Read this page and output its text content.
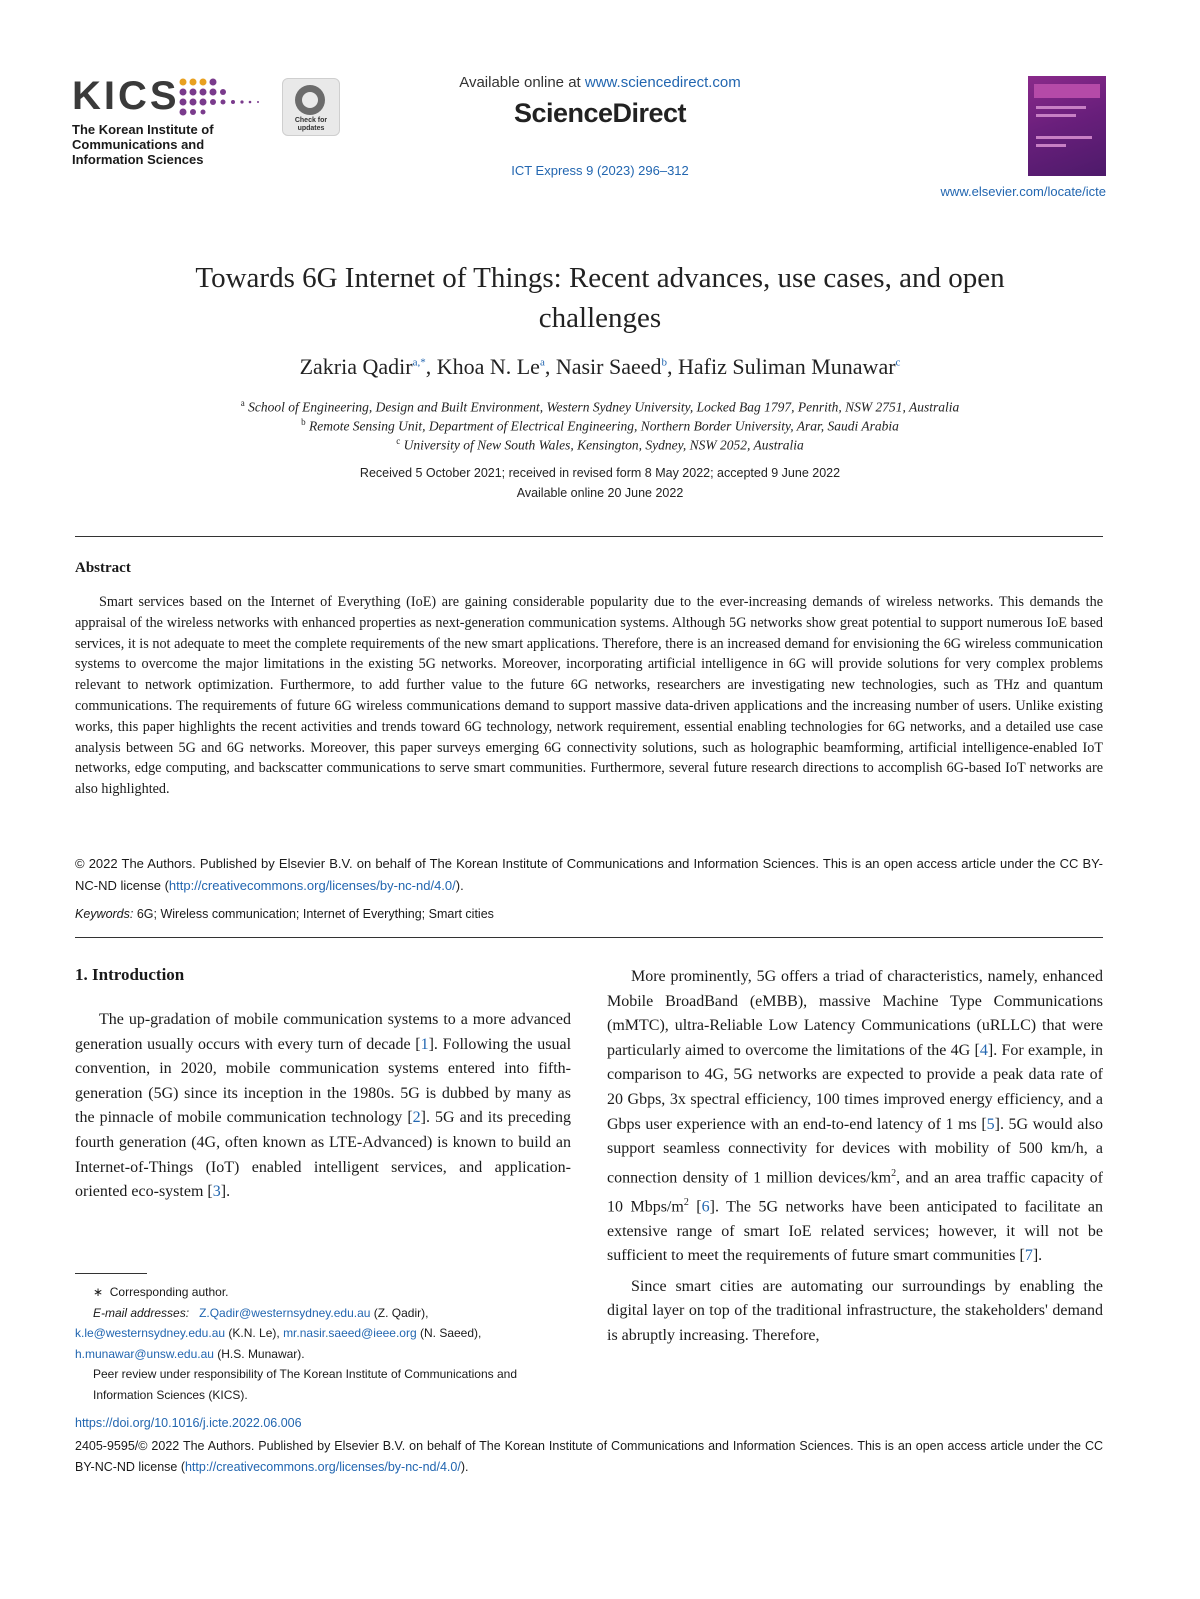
KICS
The Korean Institute of
Communications and
Information Sciences
Check for updates
Available online at www.sciencedirect.com
ScienceDirect
ICT Express 9 (2023) 296–312
www.elsevier.com/locate/icte
Towards 6G Internet of Things: Recent advances, use cases, and open
challenges
Zakria Qadir$^{a,*}$, Khoa N. Le$^a$, Nasir Saeed$^b$, Hafiz Suliman Munawar$^c$
$^a$ School of Engineering, Design and Built Environment, Western Sydney University, Locked Bag 1797, Penrith, NSW 2751, Australia
$^b$ Remote Sensing Unit, Department of Electrical Engineering, Northern Border University, Arar, Saudi Arabia
$^c$ University of New South Wales, Kensington, Sydney, NSW 2052, Australia
Received 5 October 2021; received in revised form 8 May 2022; accepted 9 June 2022
Available online 20 June 2022
Abstract
Smart services based on the Internet of Everything (IoE) are gaining considerable popularity due to the ever-increasing demands of wireless networks. This demands the appraisal of the wireless networks with enhanced properties as next-generation communication systems. Although 5G networks show great potential to support numerous IoE based services, it is not adequate to meet the complete requirements of the new smart applications. Therefore, there is an increased demand for envisioning the 6G wireless communication systems to overcome the major limitations in the existing 5G networks. Moreover, incorporating artificial intelligence in 6G will provide solutions for very complex problems relevant to network optimization. Furthermore, to add further value to the future 6G networks, researchers are investigating new technologies, such as THz and quantum communications. The requirements of future 6G wireless communications demand to support massive data-driven applications and the increasing number of users. Unlike existing works, this paper highlights the recent activities and trends toward 6G technology, network requirement, essential enabling technologies for 6G networks, and a detailed use case analysis between 5G and 6G networks. Moreover, this paper surveys emerging 6G connectivity solutions, such as holographic beamforming, artificial intelligence-enabled IoT networks, edge computing, and backscatter communications to serve smart communities. Furthermore, several future research directions to accomplish 6G-based IoT networks are also highlighted.
© 2022 The Authors. Published by Elsevier B.V. on behalf of The Korean Institute of Communications and Information Sciences. This is an open access article under the CC BY-NC-ND license (http://creativecommons.org/licenses/by-nc-nd/4.0/).
Keywords: 6G; Wireless communication; Internet of Everything; Smart cities
1. Introduction

The up-gradation of mobile communication systems to a more advanced generation usually occurs with every turn of decade [1]. Following the usual convention, in 2020, mobile communication systems entered into fifth-generation (5G) since its inception in the 1980s. 5G is dubbed by many as the pinnacle of mobile communication technology [2]. 5G and its preceding fourth generation (4G, often known as LTE-Advanced) is known to build an Internet-of-Things (IoT) enabled intelligent services, and application-oriented eco-system [3].

More prominently, 5G offers a triad of characteristics, namely, enhanced Mobile BroadBand (eMBB), massive Machine Type Communications (mMTC), ultra-Reliable Low Latency Communications (uRLLC) that were particularly aimed to overcome the limitations of the 4G [4]. For example, in comparison to 4G, 5G networks are expected to provide a peak data rate of 20 Gbps, 3x spectral efficiency, 100 times improved energy efficiency, and a Gbps user experience with an end-to-end latency of 1 ms [5]. 5G would also support seamless connectivity for devices with mobility of 500 km/h, a connection density of 1 million devices/$km^2$, and an area traffic capacity of 10 Mbps/$m^2$ [6]. The 5G networks have been anticipated to facilitate an extensive range of smart IoE related services; however, it will not be sufficient to meet the requirements of future smart communities [7].

Since smart cities are automating our surroundings by enabling the digital layer on top of the traditional infrastructure, the stakeholders' demand is abruptly increasing. Therefore,

∗  Corresponding author.
E-mail addresses: Z.Qadir@westernsydney.edu.au (Z. Qadir),
k.le@westernsydney.edu.au (K.N. Le), mr.nasir.saeed@ieee.org (N. Saeed),
h.munawar@unsw.edu.au (H.S. Munawar).
Peer review under responsibility of The Korean Institute of Communications and Information Sciences (KICS).
https://doi.org/10.1016/j.icte.2022.06.006
2405-9595/© 2022 The Authors. Published by Elsevier B.V. on behalf of The Korean Institute of Communications and Information Sciences. This is an open access article under the CC BY-NC-ND license (http://creativecommons.org/licenses/by-nc-nd/4.0/).
